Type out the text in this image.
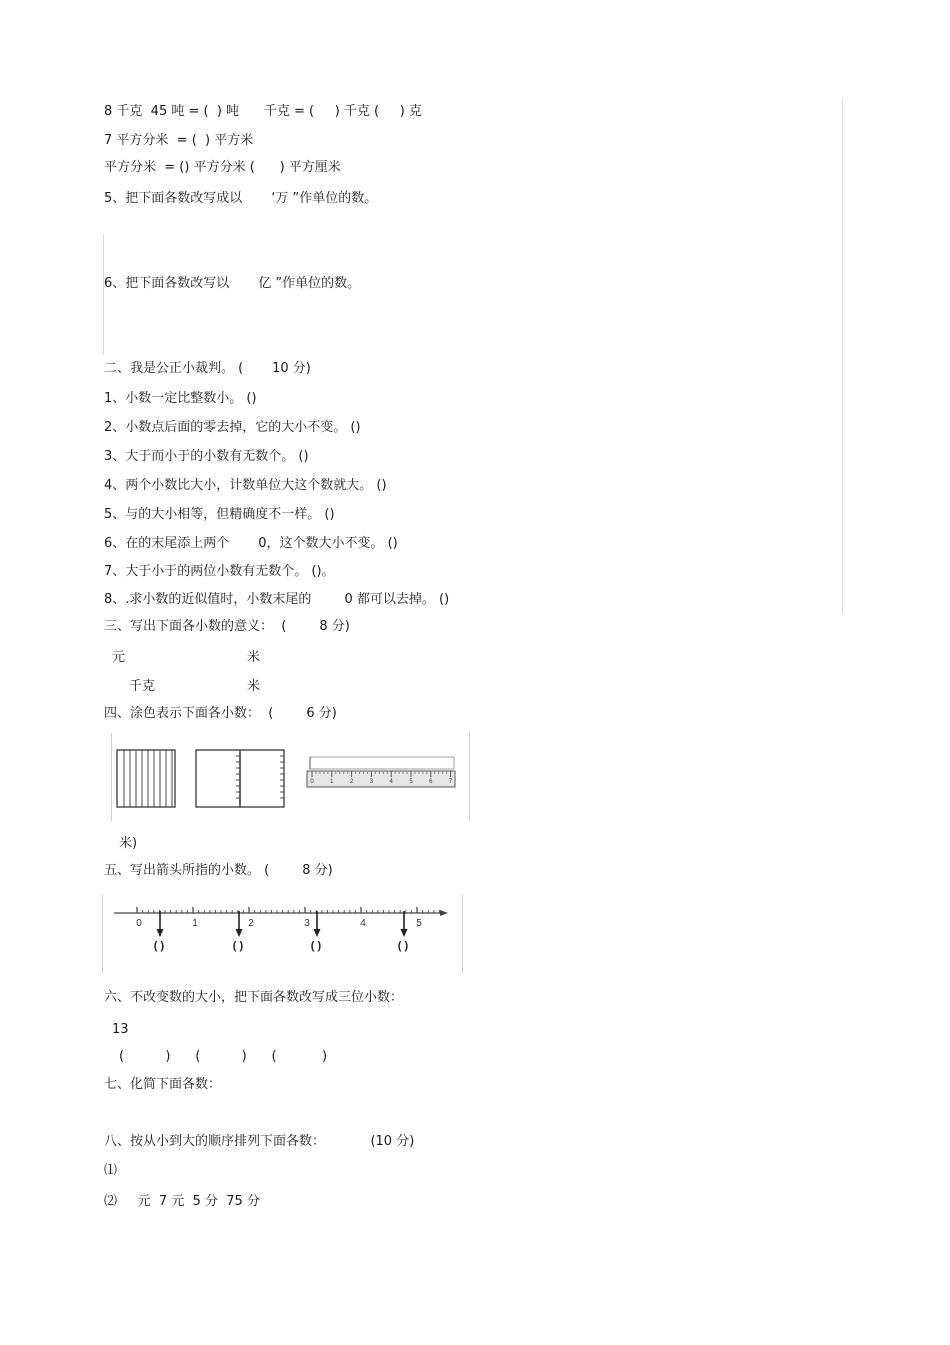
8 千克  45 吨 = (  ) 吨      千克 = (     ) 千克 (     ) 克
7 平方分米  = (  ) 平方米
平方分米  = () 平方分米 (      ) 平方厘米
5、把下面各数改写成以       ‘万 ”作单位的数。
6、把下面各数改写以       亿 ”作单位的数。
二、我是公正小裁判。 (       10 分)
1、小数一定比整数小。 ()
2、小数点后面的零去掉，它的大小不变。 ()
3、大于而小于的小数有无数个。 ()
4、两个小数比大小，计数单位大这个数就大。 ()
5、与的大小相等，但精确度不一样。 ()
6、在的末尾添上两个       0，这个数大小不变。 ()
7、大于小于的两位小数有无数个。 ()。
8、.求小数的近似值时，小数末尾的        0 都可以去掉。 ()
三、写出下面各小数的意义：  (        8 分)
元	米
千克	米
四、涂色表示下面各小数：  (        6 分)
0	1	2	3	4	5	6	7
米)
五、写出箭头所指的小数。 (        8 分)
0	1	2	3	4	5
( )	( )	( )	( )
六、不改变数的大小，把下面各数改写成三位小数：
13
(          )      (          )      (           )
七、化简下面各数：
八、按从小到大的顺序排列下面各数：           (10 分)
⑴
⑵     元  7 元  5 分  75 分
